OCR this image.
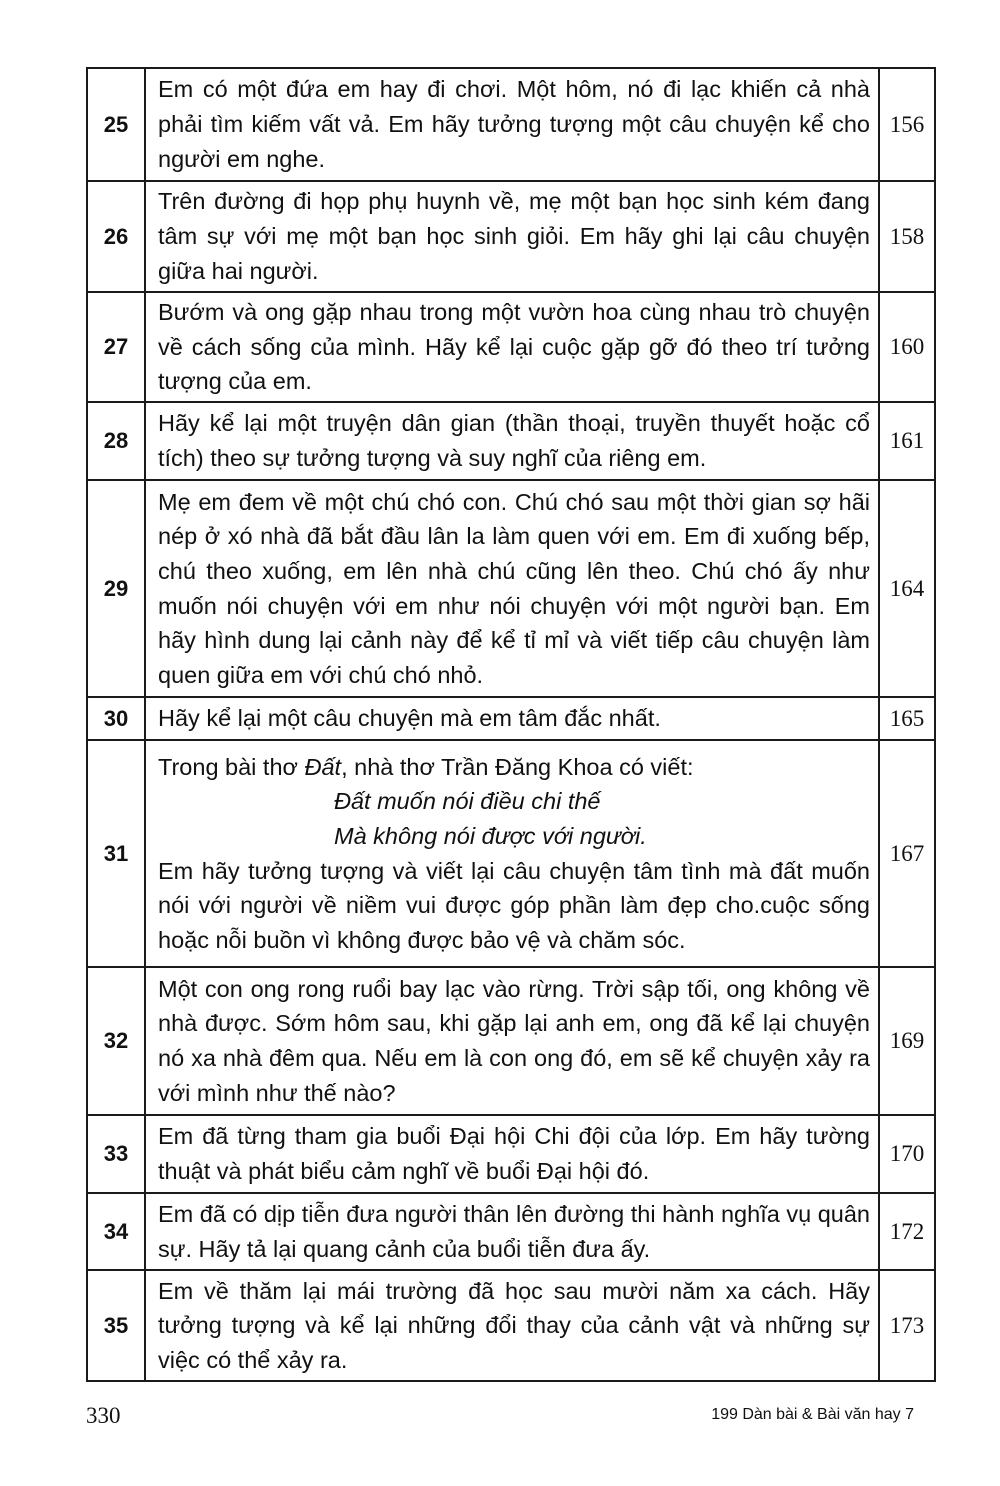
25	Em có một đứa em hay đi chơi. Một hôm, nó đi lạc khiến cả nhà phải tìm kiếm vất vả. Em hãy tưởng tượng một câu chuyện kể cho người em nghe.	156
26	Trên đường đi họp phụ huynh về, mẹ một bạn học sinh kém đang tâm sự với mẹ một bạn học sinh giỏi. Em hãy ghi lại câu chuyện giữa hai người.	158
27	Bướm và ong gặp nhau trong một vườn hoa cùng nhau trò chuyện về cách sống của mình. Hãy kể lại cuộc gặp gỡ đó theo trí tưởng tượng của em.	160
28	Hãy kể lại một truyện dân gian (thần thoại, truyền thuyết hoặc cổ tích) theo sự tưởng tượng và suy nghĩ của riêng em.	161
29	Mẹ em đem về một chú chó con. Chú chó sau một thời gian sợ hãi nép ở xó nhà đã bắt đầu lân la làm quen với em. Em đi xuống bếp, chú theo xuống, em lên nhà chú cũng lên theo. Chú chó ấy như muốn nói chuyện với em như nói chuyện với một người bạn. Em hãy hình dung lại cảnh này để kể tỉ mỉ và viết tiếp câu chuyện làm quen giữa em với chú chó nhỏ.	164
30	Hãy kể lại một câu chuyện mà em tâm đắc nhất.	165
31	Trong bài thơ Đất, nhà thơ Trần Đăng Khoa có viết:
Đất muốn nói điều chi thế
Mà không nói được với người.
Em hãy tưởng tượng và viết lại câu chuyện tâm tình mà đất muốn nói với người về niềm vui được góp phần làm đẹp cho.cuộc sống hoặc nỗi buồn vì không được bảo vệ và chăm sóc.	167
32	Một con ong rong ruổi bay lạc vào rừng. Trời sập tối, ong không về nhà được. Sớm hôm sau, khi gặp lại anh em, ong đã kể lại chuyện nó xa nhà đêm qua. Nếu em là con ong đó, em sẽ kể chuyện xảy ra với mình như thế nào?	169
33	Em đã từng tham gia buổi Đại hội Chi đội của lớp. Em hãy tường thuật và phát biểu cảm nghĩ về buổi Đại hội đó.	170
34	Em đã có dịp tiễn đưa người thân lên đường thi hành nghĩa vụ quân sự. Hãy tả lại quang cảnh của buổi tiễn đưa ấy.	172
35	Em về thăm lại mái trường đã học sau mười năm xa cách. Hãy tưởng tượng và kể lại những đổi thay của cảnh vật và những sự việc có thể xảy ra.	173
330	199 Dàn bài & Bài văn hay 7
